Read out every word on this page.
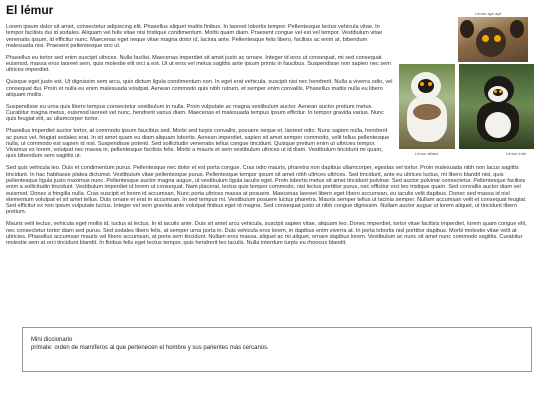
El lémur	Lémur aye aye
Lémur sifaka	Lémur indri

Lorem ipsum dolor sit amet, consectetur adipiscing elit. Phasellus aliquet mattis finibus. In laoreet lobortis tempor. Pellentesque lectus vehicula vitae. In tempor facilisis dui id sodales. Aliquam vel felis vitae nisi tristique condimentum. Morbi quam diam. Praesent congue vel est vel tempor. Vestibulum vitae venenatis ipsum, id efficitur nunc. Maecenas eget neque vitae magna dolor id, lacinia ante. Pellentesque felis libero, facilisis ac enim at, bibendum malesuada nisi. Praesent pellentesque orci ut.

Phasellus eu tortor sed enim suscipit ultrices. Nulla facilisi. Maecenas imperdiet sit amet justo ac ornare. Integer id eros ut consequat, mi sed consequat euismod, massa eros laoreet sem, quis molestie elit orci a est. Ut ut eros vel metus sagittis ante ipsum primis in faucibus. Suspendisse non sapien nec sem ultrices imperdiet.

Quisque eget justo est. Ut dignissim sem arcu, quis dictum ligula condimentum non. In eget erat vehicula, suscipit nisi nec hendrerit. Nulla a viverra odio, vel consequat dui. Proin et nulla eu enim malesuada volutpat. Aenean commodo quis nibh rutrum, et semper enim convallis. Phasellus mattis nulla eu libero aliquam mollis.

Suspendisse eu urna quis libero tempus consectetur vestibulum in nulla. Proin vulputate ac magna vestibulum auctor. Aenean auctor pretium metus. Curabitur magna metus, euismod laoreet vel nunc, hendrerit varius diam. Maecenas et malesuada tempus ipsum efficitur. In tempor gravida varius. Nunc quis feugiat elit, ac ullamcorper tortor.

Phasellus imperdiet auctor tortor, at commodo ipsum faucibus sed. Morbi sed turpis convallis, posuere neque et, laoreet odio. Nunc sapien nulla, hendrerit ac purus vel, feugiat sodales erat. In sit amet quam eu diam aliquam lobortis. Aenean imperdiet, sapien sit amet semper commodo, velit tellus pellentesque nulla, ut commodo est sapien id nisl. Suspendisse potenti. Sed sollicitudin venenatis tellus congue tincidunt. Quisque pretium enim ut ultricies tempor. Vivamus ex lorem, volutpat nec massa in, pellentesque facilisis felis. Morbi a mauris et sem vestibulum ultrices ut id diam. Vestibulum tincidunt mi quam, quis bibendum sem sagittis ut.

Sed quis vehicula leo. Duis et condimentum purus. Pellentesque nec dolor et est porta congue. Cras odio mauris, pharetra non dapibus ullamcorper, egestas vel tortor. Proin malesuada nibh non lacus sagittis tincidunt. In hac habitasse platea dictumst. Vestibulum vitae pellentesque purus. Pellentesque tempor ipsum sit amet nibh ultrices ultrices. Sed tincidunt, ante eu ultrices luctus, mi libero blandit nisl, quis pellentesque ligula justo maximus nunc. Pellentesque auctor magna augue, ut vestibulum ligula iaculis eget. Proin lobortis metus sit amet tincidunt pulvinar. Sed auctor pulvinar consectetur. Pellentesque facilisis enim a sollicitudin tincidunt. Vestibulum imperdiet id lorem ut consequat. Nam placerat, lectus quis tempor commodo, nisi lectus porttitor purus, nec efficitur orci leo tristique quam. Sed convallis auctor diam vel euismod. Donec a fringilla nulla. Cras suscipit et lorem id accumsan. Nunc porta ultrices massa at posuere. Maecenas laoreet libero eget libero accumsan, eu iaculis velit dapibus. Donec sed massa id nisl elementum volutpat et sit amet tellus. Duis ornare et erat in accumsan. In sed tempus mi. Vestibulum posuere luctus pharetra. Mauris semper tellus ut lacinia semper. Nullam accumsan velit et consequat feugiat. Sed efficitur ex non ipsum vulputate luctus. Integer vel sem gravida ante volutpat finibus eget id magna. Sed consequat justo ut nibh congue dignissim. Nullam auctor augue ut lorem aliquet, ut tincidunt libero pretium.

Mauris velit lectus, vehicula eget mollis id, luctus at lectus. In id iaculis ante. Duis sit amet arcu vehicula, suscipit sapien vitae, aliquam leo. Donec imperdiet, tortor vitae facilisis imperdiet, lorem quam congue elit, nec consectetur tortor diam sed purus. Sed sodales libero felis, at semper urna porta in. Duis vehicula eros lorem, in dapibus enim viverra at. In porta lobortis nisl porttitor dapibus. Morbi molestie vitae velit at ultricies. Phasellus accumsan mauris vel libero accumsan, at porta sem tincidunt. Nullam eros massa, aliquet ac mi aliquet, ornare dapibus lorem. Vestibulum ac nunc sit amet nunc commodo sagittis. Curabitur molestie sem at orci tincidunt blandit. In finibus felis eget lectus tempor, quis hendrerit leo iaculis. Nulla interdum turpis eu rhoncus blandit.

Mini diccionario
primate: orden de mamíferos al que pertenecen el hombre y sus parientes más cercanos.
